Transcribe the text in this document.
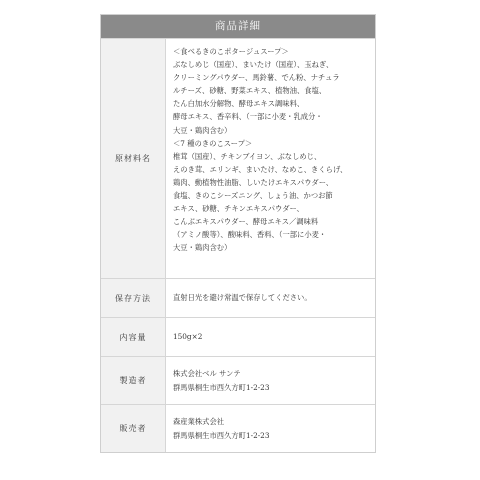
商品詳細
原材料名
＜食べるきのこポタージュスープ＞
ぶなしめじ（国産）、まいたけ（国産）、玉ねぎ、
クリーミングパウダー、馬鈴薯、でん粉、ナチュラ
ルチーズ、砂糖、野菜エキス、植物油、食塩、
たん白加水分解物、酵母エキス調味料、
酵母エキス、香辛料、（一部に小麦・乳成分・
大豆・鶏肉含む）
＜7 種のきのこスープ＞
椎茸（国産）、チキンブイヨン、ぶなしめじ、
えのき茸、エリンギ、まいたけ、なめこ、きくらげ、
鶏肉、動植物性油脂、しいたけエキスパウダー、
食塩、きのこシーズニング、しょう油、かつお節
エキス、砂糖、チキンエキスパウダー、
こんぶエキスパウダー、酵母エキス／調味料
（アミノ酸等）、酸味料、香料、（一部に小麦・
大豆・鶏肉含む）
保存方法	直射日光を避け常温で保存してください。
内容量	150g×2
製造者
株式会社ベル サンテ
群馬県桐生市西久方町1-2-23
販売者
森産業株式会社
群馬県桐生市西久方町1-2-23
